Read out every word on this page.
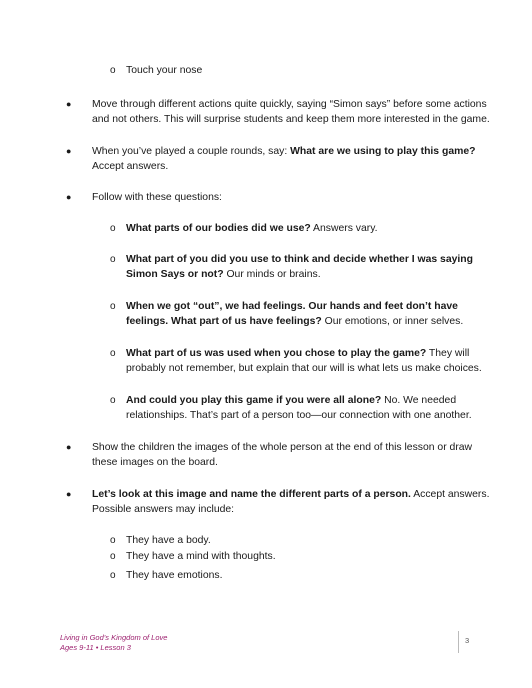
o Touch your nose
● Move through different actions quite quickly, saying “Simon says” before some actions
and not others. This will surprise students and keep them more interested in the game.
● When you’ve played a couple rounds, say: What are we using to play this game?
Accept answers.
● Follow with these questions:
o What parts of our bodies did we use? Answers vary.
o What part of you did you use to think and decide whether I was saying
Simon Says or not? Our minds or brains.
o When we got “out”, we had feelings. Our hands and feet don’t have
feelings. What part of us have feelings? Our emotions, or inner selves.
o What part of us was used when you chose to play the game? They will
probably not remember, but explain that our will is what lets us make choices.
o And could you play this game if you were all alone? No. We needed
relationships. That’s part of a person too—our connection with one another.
● Show the children the images of the whole person at the end of this lesson or draw
these images on the board.
● Let’s look at this image and name the different parts of a person. Accept answers.
Possible answers may include:
o They have a body.
o They have a mind with thoughts.
o They have emotions.
Living in God’s Kingdom of Love
Ages 9-11 • Lesson 3
3
